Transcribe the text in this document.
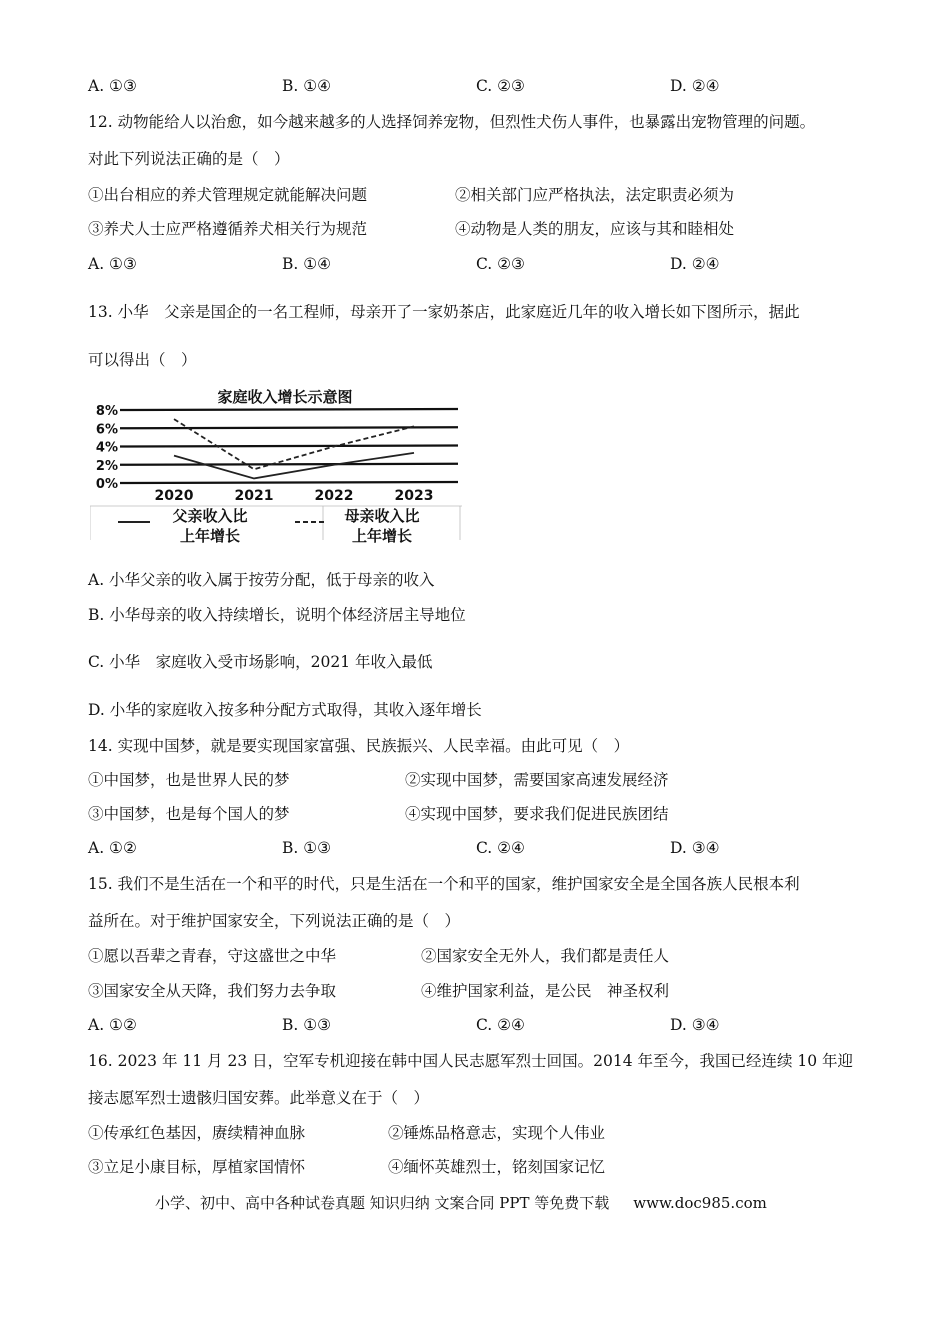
A. ①③	B. ①④	C. ②③	D. ②④
12. 动物能给人以治愈，如今越来越多的人选择饲养宠物，但烈性犬伤人事件，也暴露出宠物管理的问题。
对此下列说法正确的是（　）
①出台相应的养犬管理规定就能解决问题	②相关部门应严格执法，法定职责必须为
③养犬人士应严格遵循养犬相关行为规范	④动物是人类的朋友，应该与其和睦相处
A. ①③	B. ①④	C. ②③	D. ②④
13. 小华　父亲是国企的一名工程师，母亲开了一家奶茶店，此家庭近几年的收入增长如下图所示，据此
可以得出（　）
家庭收入增长示意图
0%
2%
4%
6%
8%
2020	2021	2022	2023
父亲收入比
上年增长
母亲收入比
上年增长
A. 小华父亲的收入属于按劳分配，低于母亲的收入
B. 小华母亲的收入持续增长，说明个体经济居主导地位
C. 小华　家庭收入受市场影响，2021 年收入最低
D. 小华的家庭收入按多种分配方式取得，其收入逐年增长
14. 实现中国梦，就是要实现国家富强、民族振兴、人民幸福。由此可见（　）
①中国梦，也是世界人民的梦	②实现中国梦，需要国家高速发展经济
③中国梦，也是每个国人的梦	④实现中国梦，要求我们促进民族团结
A. ①②	B. ①③	C. ②④	D. ③④
15. 我们不是生活在一个和平的时代，只是生活在一个和平的国家，维护国家安全是全国各族人民根本利
益所在。对于维护国家安全，下列说法正确的是（　）
①愿以吾辈之青春，守这盛世之中华	②国家安全无外人，我们都是责任人
③国家安全从天降，我们努力去争取	④维护国家利益，是公民　神圣权利
A. ①②	B. ①③	C. ②④	D. ③④
16. 2023 年 11 月 23 日，空军专机迎接在韩中国人民志愿军烈士回国。2014 年至今，我国已经连续 10 年迎
接志愿军烈士遗骸归国安葬。此举意义在于（　）
①传承红色基因，赓续精神血脉	②锤炼品格意志，实现个人伟业
③立足小康目标，厚植家国情怀	④缅怀英雄烈士，铭刻国家记忆
小学、初中、高中各种试卷真题 知识归纳 文案合同 PPT 等免费下载 www.doc985.com
